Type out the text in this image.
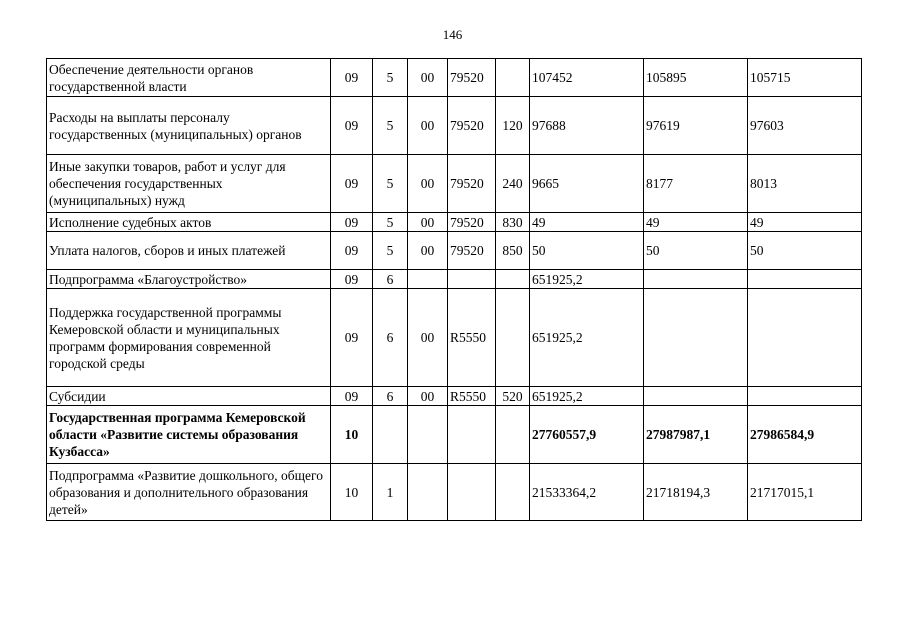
146
Обеспечение деятельности органов государственной власти	09	5	00	79520		107452	105895	105715
Расходы на выплаты персоналу государственных (муниципальных) органов	09	5	00	79520	120	97688	97619	97603
Иные закупки товаров, работ и услуг для обеспечения государственных (муниципальных) нужд	09	5	00	79520	240	9665	8177	8013
Исполнение судебных актов	09	5	00	79520	830	49	49	49
Уплата налогов, сборов и иных платежей	09	5	00	79520	850	50	50	50
Подпрограмма «Благоустройство»	09	6				651925,2		
Поддержка государственной программы Кемеровской области и муниципальных программ формирования современной городской среды	09	6	00	R5550		651925,2		
Субсидии	09	6	00	R5550	520	651925,2		
Государственная программа Кемеровской области «Развитие системы образования Кузбасса»	10					27760557,9	27987987,1	27986584,9
Подпрограмма «Развитие дошкольного, общего образования и дополнительного образования детей»	10	1				21533364,2	21718194,3	21717015,1
